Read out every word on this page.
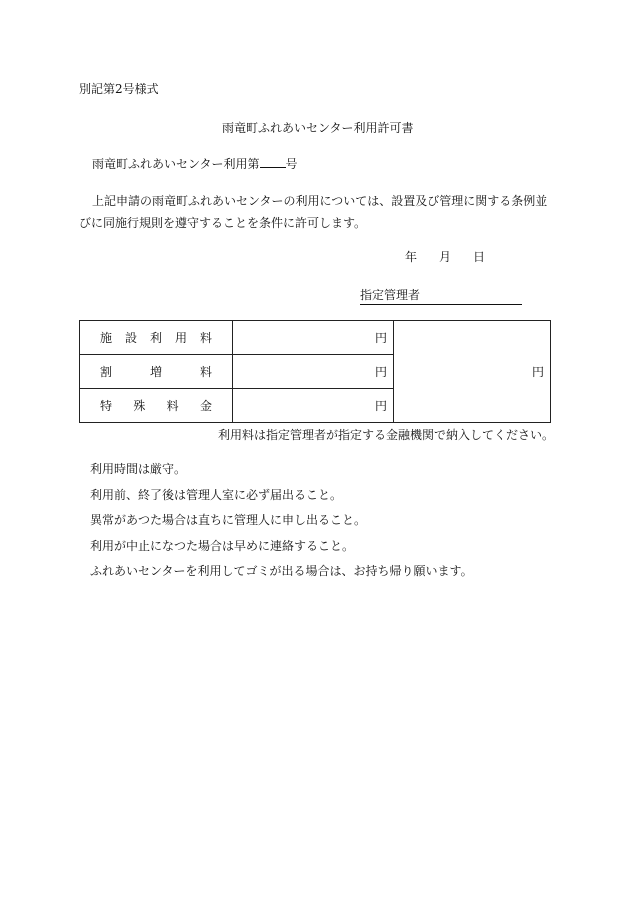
別記第2号様式
雨竜町ふれあいセンター利用許可書
雨竜町ふれあいセンター利用第 号
上記申請の雨竜町ふれあいセンターの利用については、設置及び管理に関する条例並びに同施行規則を遵守することを条件に許可します。
年 月 日
指定管理者
施 設 利 用 料	円	円

割 増 料	円	

特 殊 料 金	円	
利用料は指定管理者が指定する金融機関で納入してください。
利用時間は厳守。
利用前、終了後は管理人室に必ず届出ること。
異常があつた場合は直ちに管理人に申し出ること。
利用が中止になつた場合は早めに連絡すること。
ふれあいセンターを利用してゴミが出る場合は、お持ち帰り願います。
